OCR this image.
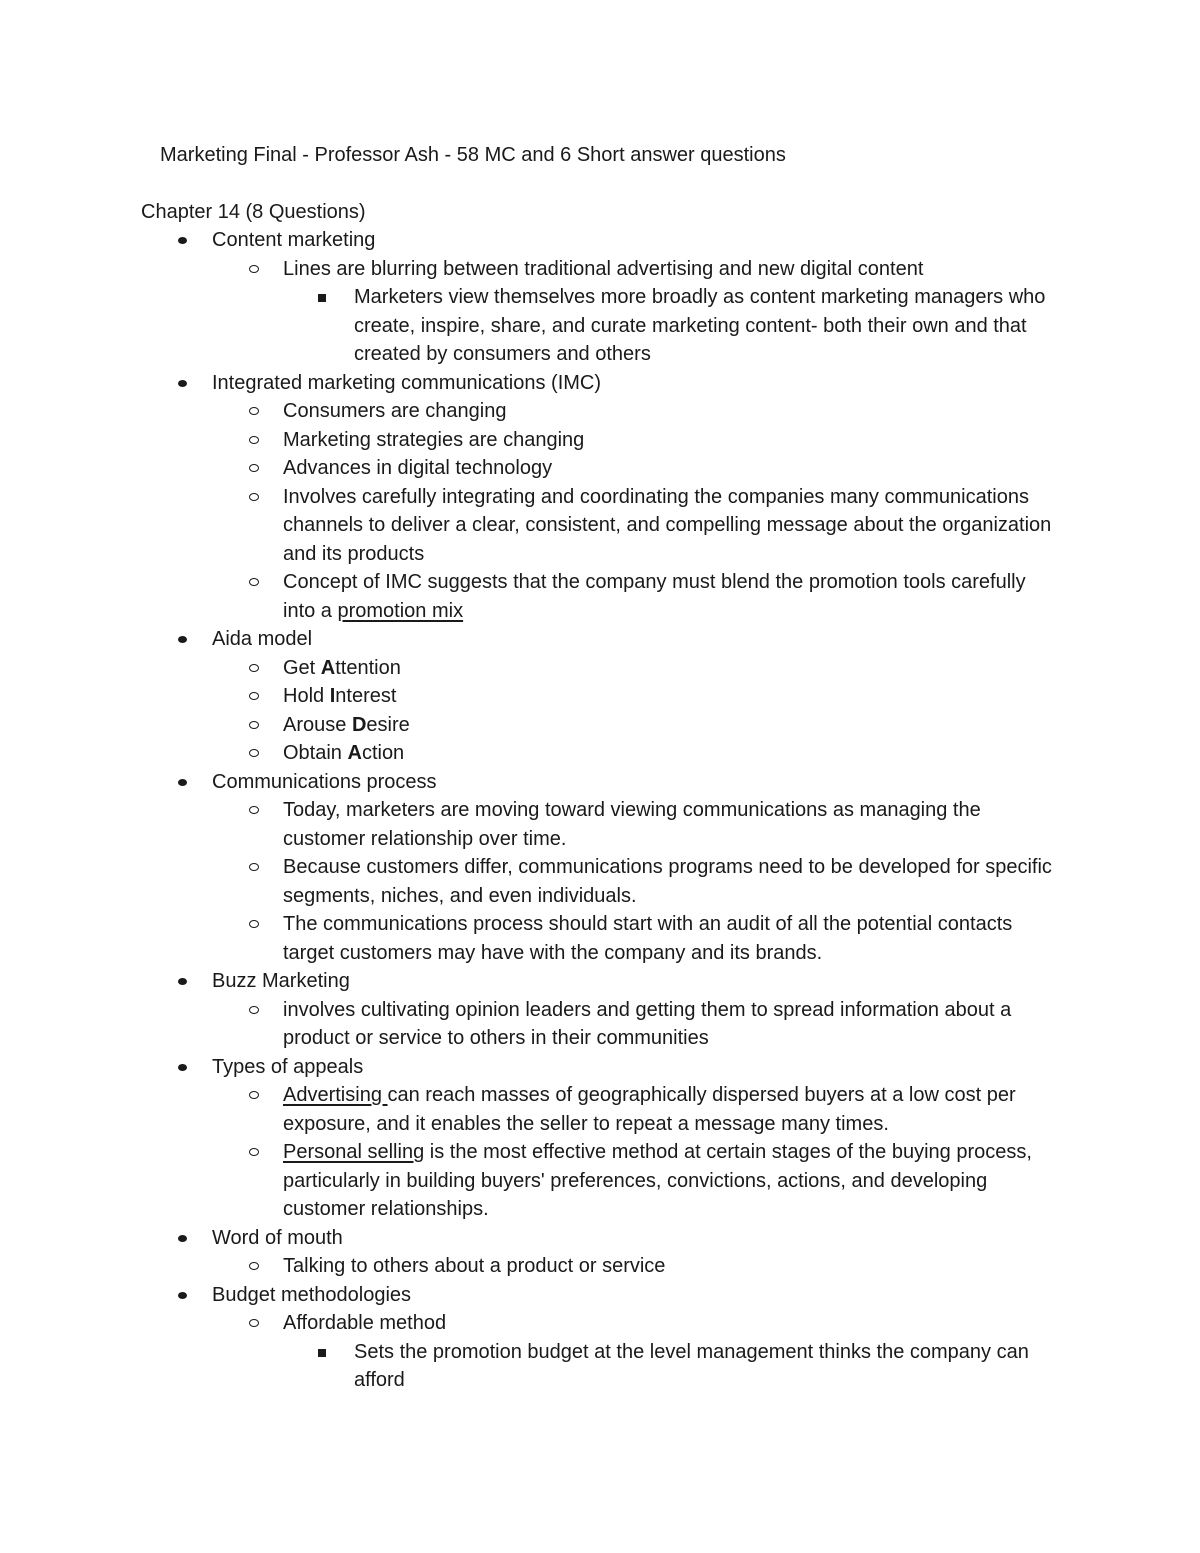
Marketing Final - Professor Ash - 58 MC and 6 Short answer questions
Chapter 14 (8 Questions)
Content marketing
Lines are blurring between traditional advertising and new digital content
Marketers view themselves more broadly as content marketing managers who create, inspire, share, and curate marketing content- both their own and that created by consumers and others
Integrated marketing communications (IMC)
Consumers are changing
Marketing strategies are changing
Advances in digital technology
Involves carefully integrating and coordinating the companies many communications channels to deliver a clear, consistent, and compelling message about the organization and its products
Concept of IMC suggests that the company must blend the promotion tools carefully into a promotion mix
Aida model
Get Attention
Hold Interest
Arouse Desire
Obtain Action
Communications process
Today, marketers are moving toward viewing communications as managing the customer relationship over time.
Because customers differ, communications programs need to be developed for specific segments, niches, and even individuals.
The communications process should start with an audit of all the potential contacts target customers may have with the company and its brands.
Buzz Marketing
involves cultivating opinion leaders and getting them to spread information about a product or service to others in their communities
Types of appeals
Advertising can reach masses of geographically dispersed buyers at a low cost per exposure, and it enables the seller to repeat a message many times.
Personal selling is the most effective method at certain stages of the buying process, particularly in building buyers' preferences, convictions, actions, and developing customer relationships.
Word of mouth
Talking to others about a product or service
Budget methodologies
Affordable method
Sets the promotion budget at the level management thinks the company can afford
